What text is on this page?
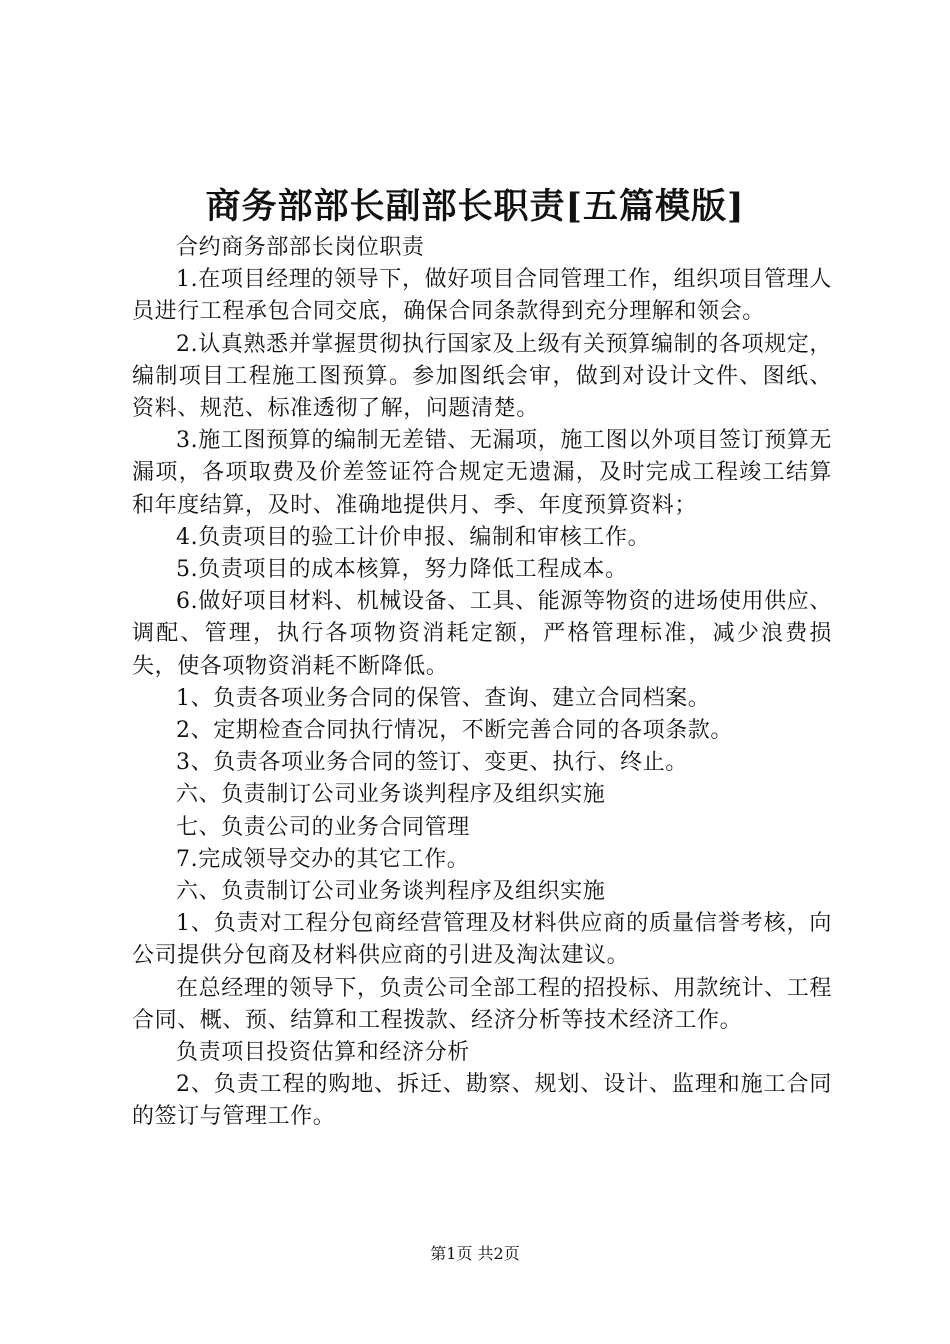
商务部部长副部长职责[五篇模版]

合约商务部部长岗位职责

1.在项目经理的领导下，做好项目合同管理工作，组织项目管理人员进行工程承包合同交底，确保合同条款得到充分理解和领会。

2.认真熟悉并掌握贯彻执行国家及上级有关预算编制的各项规定，编制项目工程施工图预算。参加图纸会审，做到对设计文件、图纸、资料、规范、标准透彻了解，问题清楚。

3.施工图预算的编制无差错、无漏项，施工图以外项目签订预算无漏项，各项取费及价差签证符合规定无遗漏，及时完成工程竣工结算和年度结算，及时、准确地提供月、季、年度预算资料；

4.负责项目的验工计价申报、编制和审核工作。

5.负责项目的成本核算，努力降低工程成本。

6.做好项目材料、机械设备、工具、能源等物资的进场使用供应、调配、管理，执行各项物资消耗定额，严格管理标准，减少浪费损失，使各项物资消耗不断降低。

1、负责各项业务合同的保管、查询、建立合同档案。

2、定期检查合同执行情况，不断完善合同的各项条款。

3、负责各项业务合同的签订、变更、执行、终止。

六、负责制订公司业务谈判程序及组织实施

七、负责公司的业务合同管理

7.完成领导交办的其它工作。

六、负责制订公司业务谈判程序及组织实施

1、负责对工程分包商经营管理及材料供应商的质量信誉考核，向公司提供分包商及材料供应商的引进及淘汰建议。

在总经理的领导下，负责公司全部工程的招投标、用款统计、工程合同、概、预、结算和工程拨款、经济分析等技术经济工作。

负责项目投资估算和经济分析

2、负责工程的购地、拆迁、勘察、规划、设计、监理和施工合同的签订与管理工作。

第1页 共2页
